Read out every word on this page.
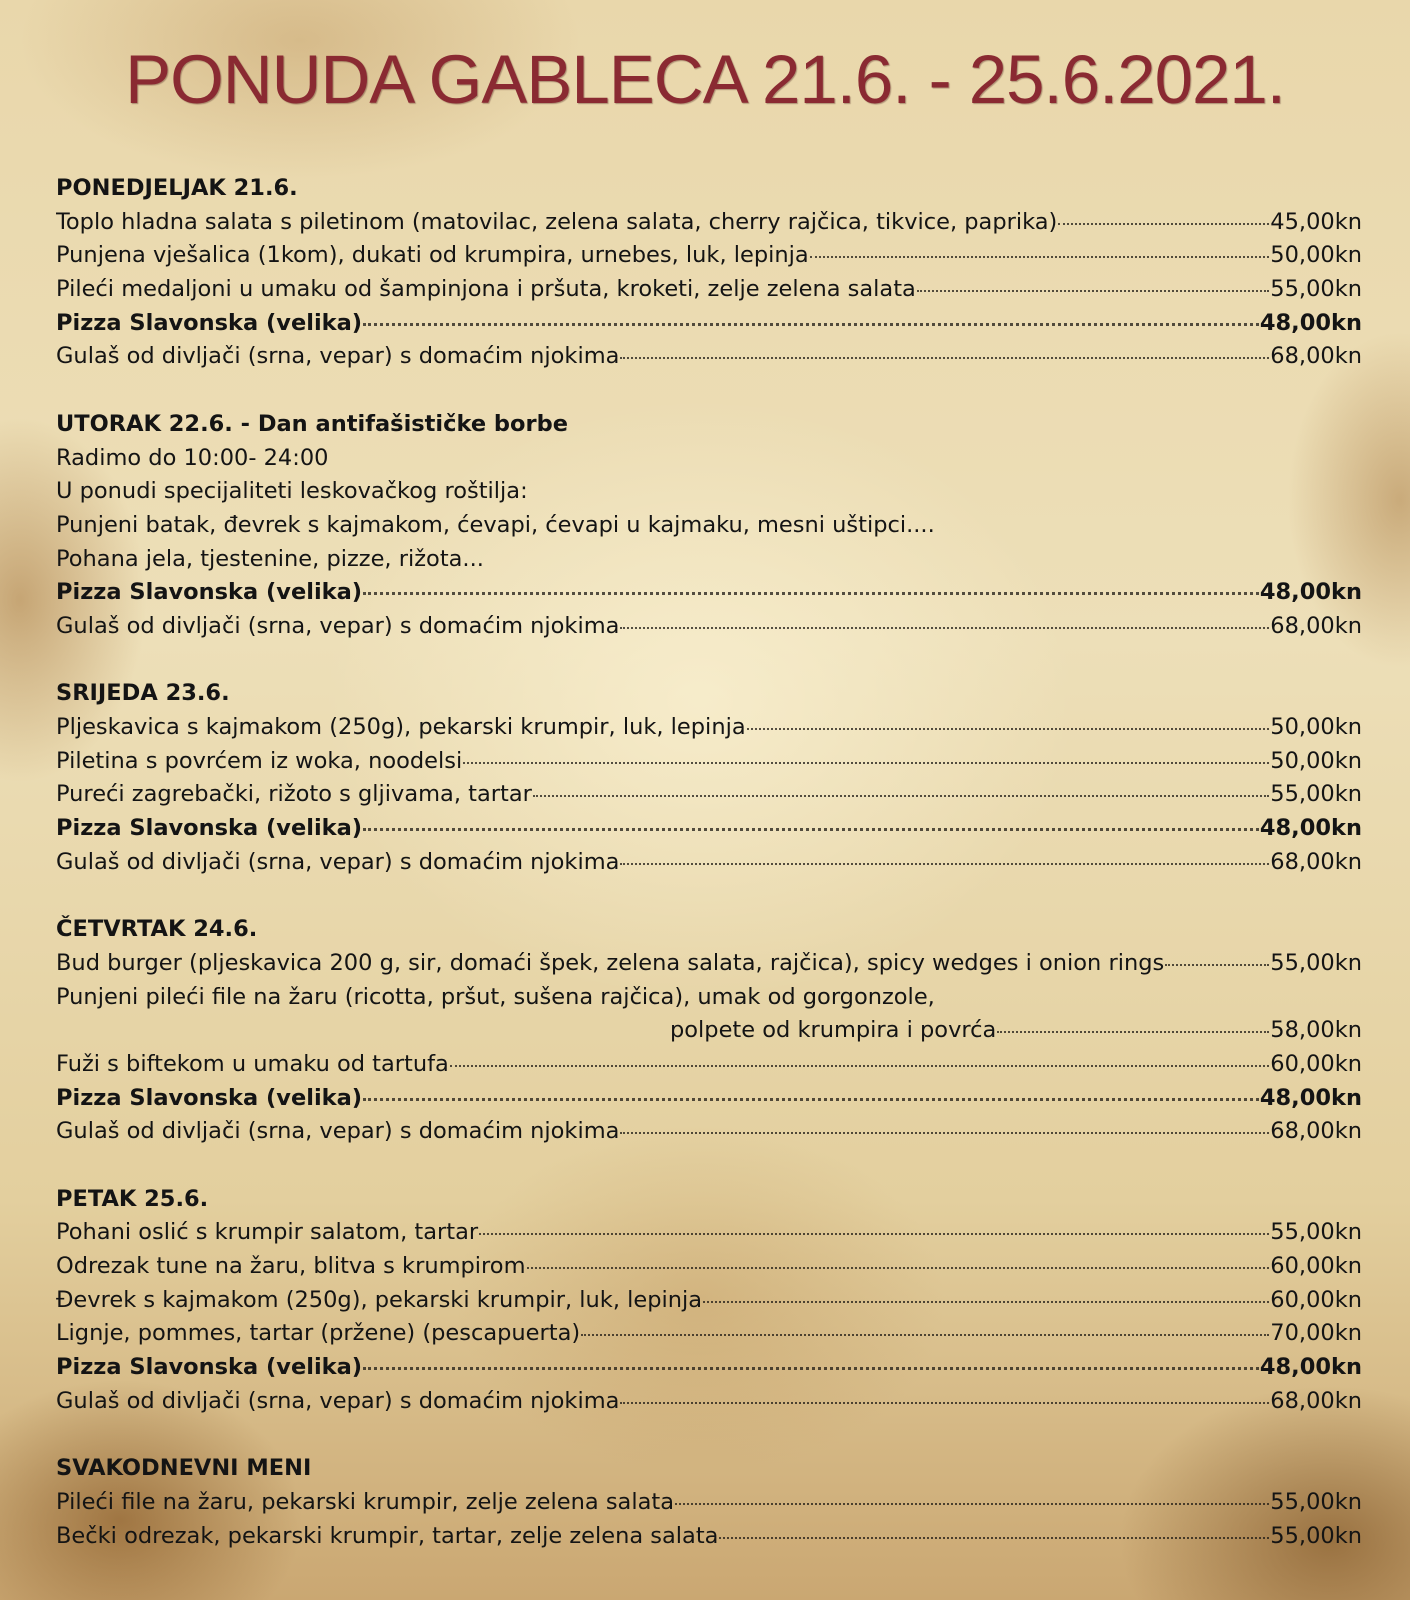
PONUDA GABLECA 21.6. - 25.6.2021.
PONEDJELJAK 21.6.
Toplo hladna salata s piletinom (matovilac, zelena salata, cherry rajčica, tikvice, paprika)	45,00kn
Punjena vješalica (1kom), dukati od krumpira, urnebes, luk, lepinja	50,00kn
Pileći medaljoni u umaku od šampinjona i pršuta, kroketi, zelje zelena salata	55,00kn
Pizza Slavonska (velika)	48,00kn
Gulaš od divljači (srna, vepar) s domaćim njokima	68,00kn
UTORAK 22.6. - Dan antifašističke borbe
Radimo do 10:00- 24:00
U ponudi specijaliteti leskovačkog roštilja:
Punjeni batak, đevrek s kajmakom, ćevapi, ćevapi u kajmaku, mesni uštipci....
Pohana jela, tjestenine, pizze, rižota...
Pizza Slavonska (velika)	48,00kn
Gulaš od divljači (srna, vepar) s domaćim njokima	68,00kn
SRIJEDA 23.6.
Pljeskavica s kajmakom (250g), pekarski krumpir, luk, lepinja	50,00kn
Piletina s povrćem iz woka, noodelsi	50,00kn
Pureći zagrebački, rižoto s gljivama, tartar	55,00kn
Pizza Slavonska (velika)	48,00kn
Gulaš od divljači (srna, vepar) s domaćim njokima	68,00kn
ČETVRTAK 24.6.
Bud burger (pljeskavica 200 g, sir, domaći špek, zelena salata, rajčica), spicy wedges i onion rings	55,00kn
Punjeni pileći file na žaru (ricotta, pršut, sušena rajčica), umak od gorgonzole,
polpete od krumpira i povrća	58,00kn
Fuži s biftekom u umaku od tartufa	60,00kn
Pizza Slavonska (velika)	48,00kn
Gulaš od divljači (srna, vepar) s domaćim njokima	68,00kn
PETAK 25.6.
Pohani oslić s krumpir salatom, tartar	55,00kn
Odrezak tune na žaru, blitva s krumpirom	60,00kn
Đevrek s kajmakom (250g), pekarski krumpir, luk, lepinja	60,00kn
Lignje, pommes, tartar (pržene) (pescapuerta)	70,00kn
Pizza Slavonska (velika)	48,00kn
Gulaš od divljači (srna, vepar) s domaćim njokima	68,00kn
SVAKODNEVNI MENI
Pileći file na žaru, pekarski krumpir, zelje zelena salata	55,00kn
Bečki odrezak, pekarski krumpir, tartar, zelje zelena salata	55,00kn
